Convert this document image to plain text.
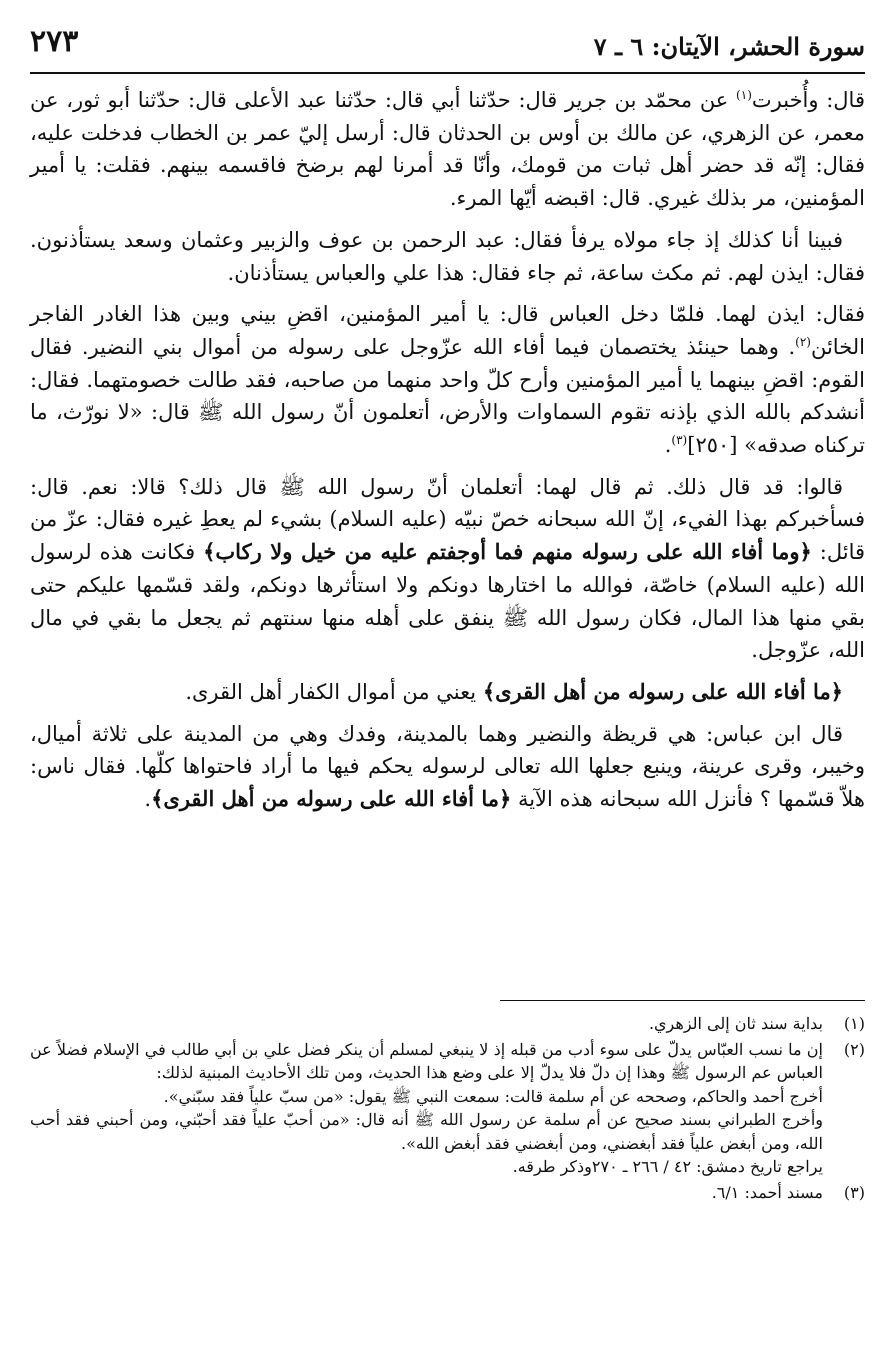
سورة الحشر، الآيتان: ٦ ـ ٧
٢٧٣

قال: وأُخبرت$^{(١)}$ عن محمّد بن جرير قال: حدّثنا أبي قال: حدّثنا عبد الأعلى قال: حدّثنا أبو ثور، عن معمر، عن الزهري، عن مالك بن أوس بن الحدثان قال: أرسل إليّ عمر بن الخطاب فدخلت عليه، فقال: إنّه قد حضر أهل ثبات من قومك، وأنّا قد أمرنا لهم برضخ فاقسمه بينهم. فقلت: يا أمير المؤمنين، مر بذلك غيري. قال: اقبضه أيّها المرء.

فبينا أنا كذلك إذ جاء مولاه يرفأ فقال: عبد الرحمن بن عوف والزبير وعثمان وسعد يستأذنون. فقال: ايذن لهم. ثم مكث ساعة، ثم جاء فقال: هذا علي والعباس يستأذنان.

فقال: ايذن لهما. فلمّا دخل العباس قال: يا أمير المؤمنين، اقضِ بيني وبين هذا الغادر الفاجر الخائن$^{(٢)}$. وهما حينئذ يختصمان فيما أفاء الله عزّوجل على رسوله من أموال بني النضير. فقال القوم: اقضِ بينهما يا أمير المؤمنين وأرح كلّ واحد منهما من صاحبه، فقد طالت خصومتهما. فقال: أنشدكم بالله الذي بإذنه تقوم السماوات والأرض، أتعلمون أنّ رسول الله ﷺ قال: «لا نورّث، ما تركناه صدقه» [٢٥٠]$^{(٣)}$.

قالوا: قد قال ذلك. ثم قال لهما: أتعلمان أنّ رسول الله ﷺ قال ذلك؟ قالا: نعم. قال: فسأخبركم بهذا الفيء، إنّ الله سبحانه خصّ نبيّه (عليه السلام) بشيء لم يعطِ غيره فقال: عزّ من قائل: ﴿وما أفاء الله على رسوله منهم فما أوجفتم عليه من خيل ولا ركاب﴾ فكانت هذه لرسول الله (عليه السلام) خاصّة، فوالله ما اختارها دونكم ولا استأثرها دونكم، ولقد قسّمها عليكم حتى بقي منها هذا المال، فكان رسول الله ﷺ ينفق على أهله منها سنتهم ثم يجعل ما بقي في مال الله، عزّوجل.

﴿ما أفاء الله على رسوله من أهل القرى﴾ يعني من أموال الكفار أهل القرى.

قال ابن عباس: هي قريظة والنضير وهما بالمدينة، وفدك وهي من المدينة على ثلاثة أميال، وخيبر، وقرى عرينة، وينبع جعلها الله تعالى لرسوله يحكم فيها ما أراد فاحتواها كلّها. فقال ناس: هلاّ قسّمها ؟ فأنزل الله سبحانه هذه الآية ﴿ما أفاء الله على رسوله من أهل القرى﴾.

(١)
بداية سند ثان إلى الزهري.
(٢)
إن ما نسب العبّاس يدلّ على سوء أدب من قبله إذ لا ينبغي لمسلم أن ينكر فضل علي بن أبي طالب في الإسلام فضلاً عن العباس عم الرسول ﷺ وهذا إن دلّ فلا يدلّ إلا على وضع هذا الحديث، ومن تلك الأحاديث المبنية لذلك:
أخرج أحمد والحاكم، وصححه عن أم سلمة قالت: سمعت النبي ﷺ يقول: «من سبّ علياً فقد سبّني».
وأخرج الطبراني بسند صحيح عن أم سلمة عن رسول الله ﷺ أنه قال: «من أحبّ علياً فقد أحبّني، ومن أحبني فقد أحب الله، ومن أبغض علياً فقد أبغضني، ومن أبغضني فقد أبغض الله».
يراجع تاريخ دمشق: ٤٢ / ٢٦٦ ـ ٢٧٠وذكر طرقه.
(٣)
مسند أحمد: ٦/١.
